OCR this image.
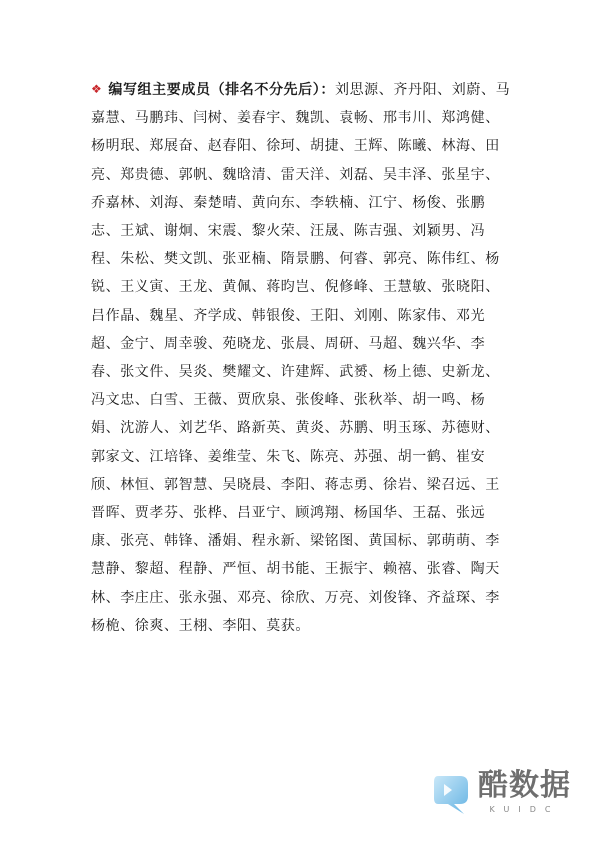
❖ 编写组主要成员（排名不分先后）：刘思源、齐丹阳、刘蔚、马嘉慧、马鹏玮、闫树、姜春宇、魏凯、袁畅、邢韦川、郑鸿健、杨明珉、郑展奋、赵春阳、徐珂、胡捷、王辉、陈曦、林海、田亮、郑贵德、郭帆、魏晗清、雷天洋、刘磊、吴丰泽、张星宇、乔嘉林、刘海、秦楚晴、黄向东、李轶楠、江宁、杨俊、张鹏志、王斌、谢炯、宋震、黎火荣、汪晟、陈吉强、刘颖男、冯程、朱松、樊文凯、张亚楠、隋景鹏、何睿、郭亮、陈伟红、杨锐、王义寅、王龙、黄佩、蒋昀岂、倪修峰、王慧敏、张晓阳、吕作晶、魏星、齐学成、韩银俊、王阳、刘刚、陈家伟、邓光超、金宁、周幸骏、苑晓龙、张晨、周研、马超、魏兴华、李春、张文件、吴炎、樊耀文、许建辉、武赟、杨上德、史新龙、冯文忠、白雪、王薇、贾欣泉、张俊峰、张秋举、胡一鸣、杨娟、沈游人、刘艺华、路新英、黄炎、苏鹏、明玉琢、苏德财、郭家文、江培锋、姜维莹、朱飞、陈亮、苏强、胡一鹤、崔安颀、林恒、郭智慧、吴晓晨、李阳、蒋志勇、徐岩、梁召远、王晋晖、贾孝芬、张桦、吕亚宁、顾鸿翔、杨国华、王磊、张远康、张亮、韩锋、潘娟、程永新、梁铭图、黄国标、郭萌萌、李慧静、黎超、程静、严恒、胡书能、王振宇、赖禧、张睿、陶天林、李庄庄、张永强、邓亮、徐欣、万亮、刘俊锋、齐益琛、李杨桅、徐爽、王栩、李阳、莫获。

酷数据
KUIDC
